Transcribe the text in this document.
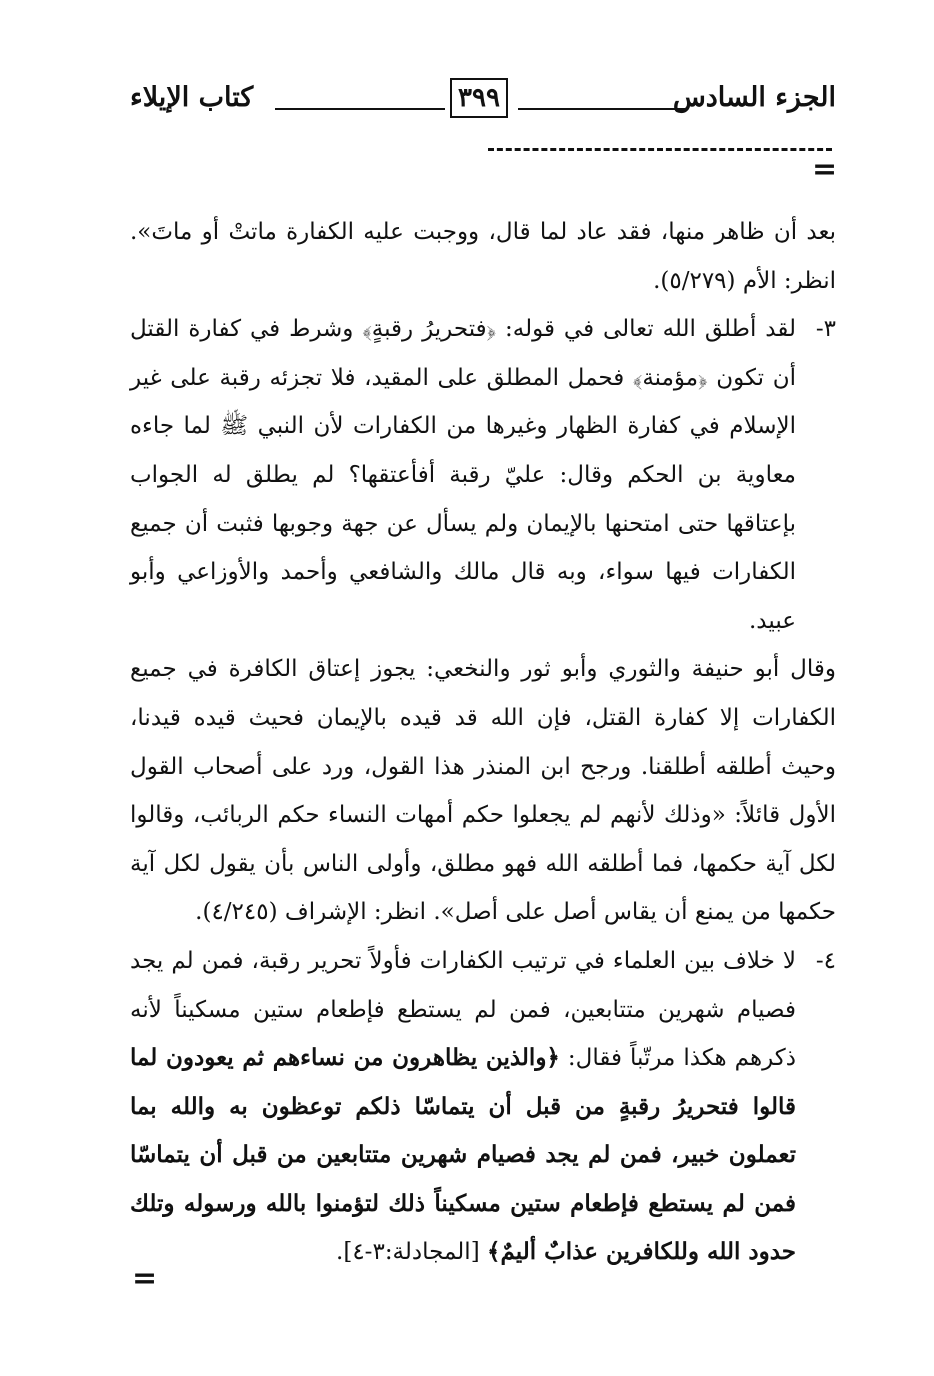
الجزء السادس
٣٩٩
كتاب الإيلاء
=

بعد أن ظاهر منها، فقد عاد لما قال، ووجبت عليه الكفارة ماتتْ أو ماتَ». انظر: الأم (٥/٢٧٩).

٣-لقد أطلق الله تعالى في قوله: ﴿فتحريرُ رقبةٍ﴾ وشرط في كفارة القتل أن تكون ﴿مؤمنة﴾ فحمل المطلق على المقيد، فلا تجزئه رقبة على غير الإسلام في كفارة الظهار وغيرها من الكفارات لأن النبي ﷺ لما جاءه معاوية بن الحكم وقال: عليّ رقبة أفأعتقها؟ لم يطلق له الجواب بإعتاقها حتى امتحنها بالإيمان ولم يسأل عن جهة وجوبها فثبت أن جميع الكفارات فيها سواء، وبه قال مالك والشافعي وأحمد والأوزاعي وأبو عبيد.

وقال أبو حنيفة والثوري وأبو ثور والنخعي: يجوز إعتاق الكافرة في جميع الكفارات إلا كفارة القتل، فإن الله قد قيده بالإيمان فحيث قيده قيدنا، وحيث أطلقه أطلقنا. ورجح ابن المنذر هذا القول، ورد على أصحاب القول الأول قائلاً: «وذلك لأنهم لم يجعلوا حكم أمهات النساء حكم الربائب، وقالوا لكل آية حكمها، فما أطلقه الله فهو مطلق، وأولى الناس بأن يقول لكل آية حكمها من يمنع أن يقاس أصل على أصل». انظر: الإشراف (٤/٢٤٥).

٤-لا خلاف بين العلماء في ترتيب الكفارات فأولاً تحرير رقبة، فمن لم يجد فصيام شهرين متتابعين، فمن لم يستطع فإطعام ستين مسكيناً لأنه ذكرهم هكذا مرتّباً فقال: ﴿والذين يظاهرون من نساءهم ثم يعودون لما قالوا فتحريرُ رقبةٍ من قبل أن يتماسّا ذلكم توعظون به والله بما تعملون خبير، فمن لم يجد فصيام شهرين متتابعين من قبل أن يتماسّا فمن لم يستطع فإطعام ستين مسكيناً ذلك لتؤمنوا بالله ورسوله وتلك حدود الله وللكافرين عذابٌ أليمٌ﴾ [المجادلة:٣-٤].

=
